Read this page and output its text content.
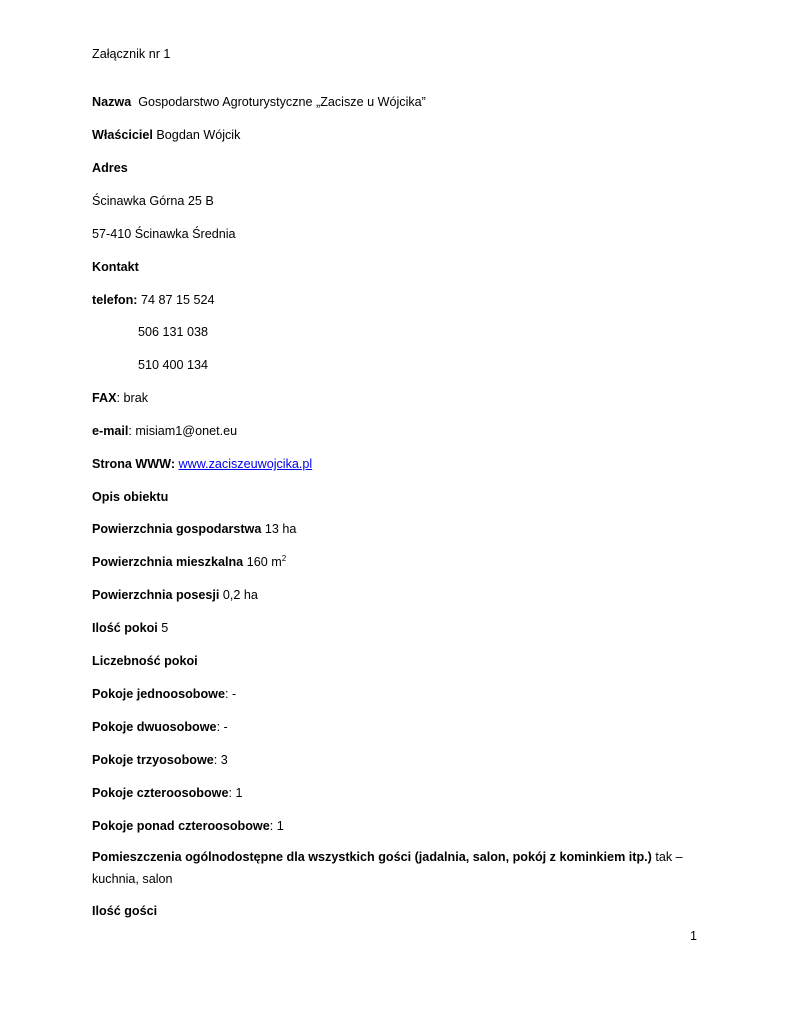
Załącznik nr 1
Nazwa Gospodarstwo Agroturystyczne „Zacisze u Wójcika”
Właściciel Bogdan Wójcik
Adres
Ścinawka Górna 25 B
57-410 Ścinawka Średnia
Kontakt
telefon: 74 87 15 524
506 131 038
510 400 134
FAX: brak
e-mail: misiam1@onet.eu
Strona WWW: www.zaciszeuwojcika.pl
Opis obiektu
Powierzchnia gospodarstwa 13 ha
Powierzchnia mieszkalna 160 $m^2$
Powierzchnia posesji 0,2 ha
Ilość pokoi 5
Liczebność pokoi
Pokoje jednoosobowe: -
Pokoje dwuosobowe: -
Pokoje trzyosobowe: 3
Pokoje czteroosobowe: 1
Pokoje ponad czteroosobowe: 1
Pomieszczenia ogólnodostępne dla wszystkich gości (jadalnia, salon, pokój z kominkiem itp.) tak – kuchnia, salon
Ilość gości
1
